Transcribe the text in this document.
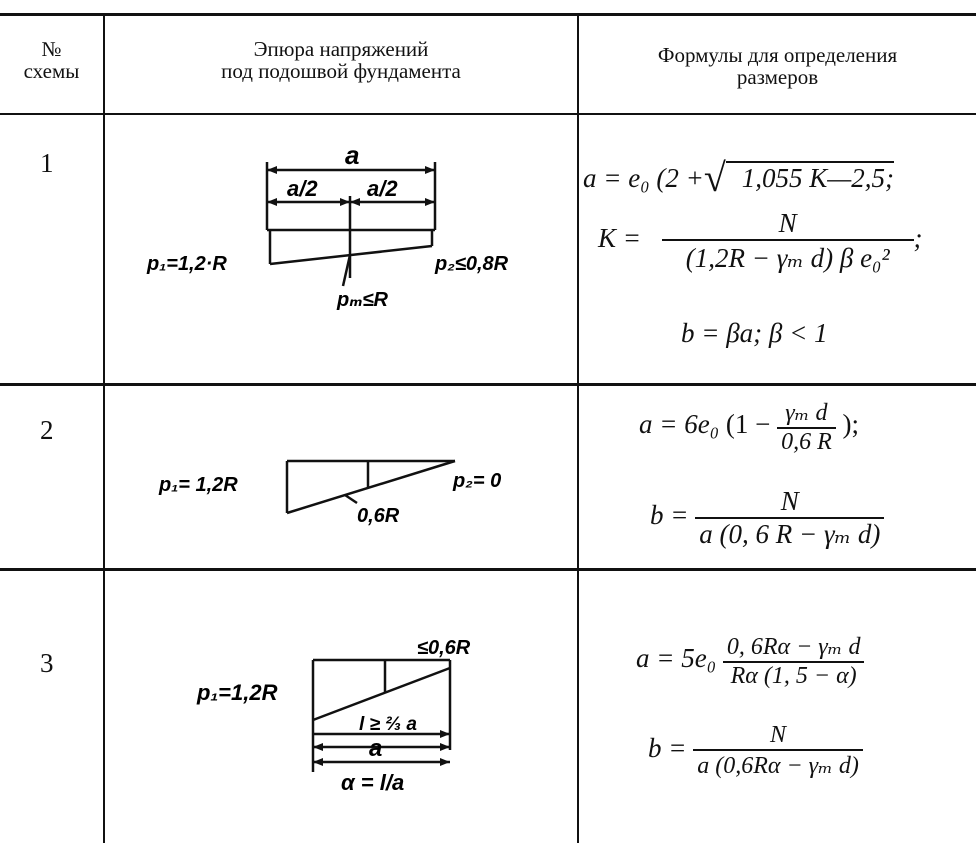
№
схемы
Эпюра напряжений
под подошвой фундамента
Формулы для определения
размеров
1
2
3
a
a/2 a/2
p₁=1,2·R	p₂≤0,8R
pₘ≤R
a = e₀ (2 +√ 1,055 K—2,5;
$K = \frac{N}{\text{(1,2R − γₘ d) β e₀²}}$ ;
b = βa; β < 1
p₁= 1,2R	p₂= 0
0,6R
a = 6e₀ ($1 - \frac{\text{γₘ d}}{0,6 R}$ );
$b = \frac{N}{\text{a (0, 6 R − γₘ d)}}$
≤0,6R
p₁=1,2R
l ≥ ⅔ a
a
α = l/a
$a = 5e_0 \frac{\text{0, 6Rα − γₘ d}}{R\alpha (1, 5 - \alpha)}$
$b = \frac{N}{\text{a (0,6Rα − γₘ d)}}$
